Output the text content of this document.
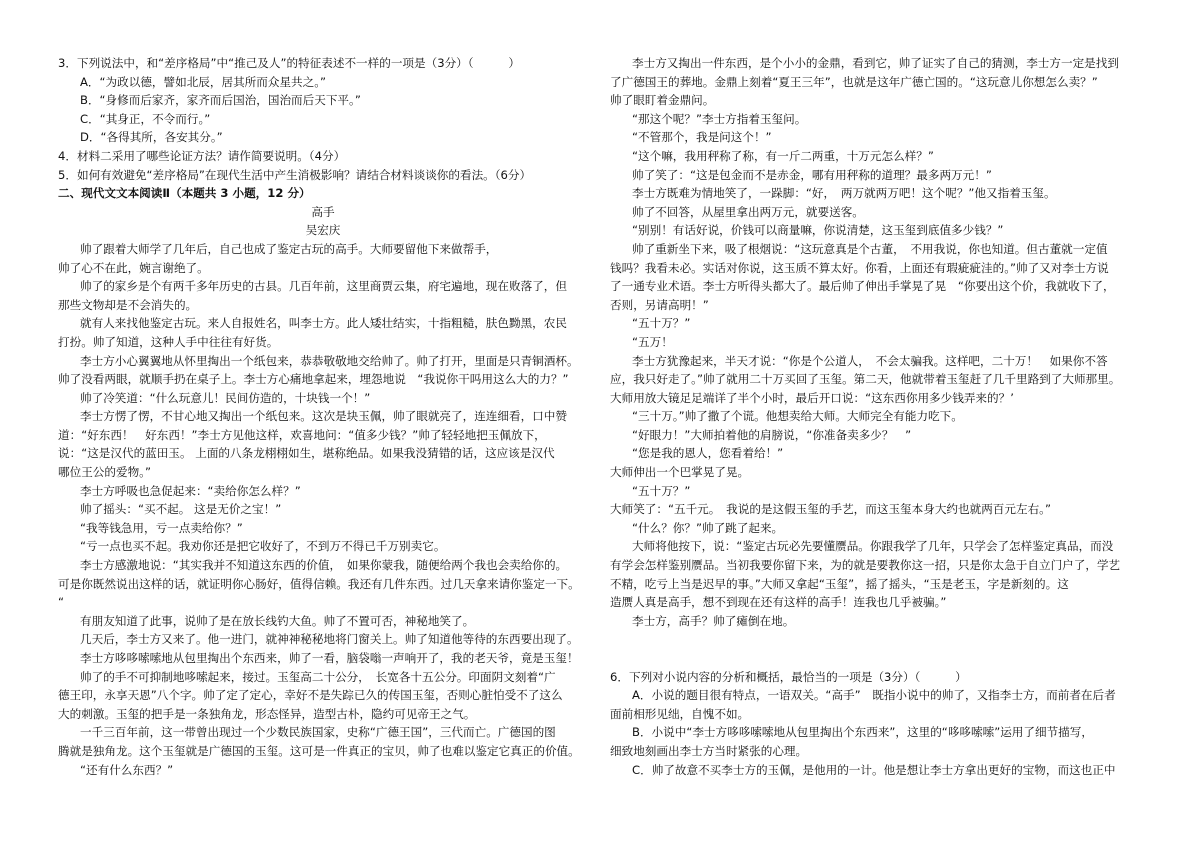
3．下列说法中，和“差序格局”中“推己及人”的特征表述不一样的一项是（3分）（　　　）

A．“为政以德，譬如北辰，居其所而众星共之。”

B．“身修而后家齐，家齐而后国治，国治而后天下平。”

C．“其身正，不令而行。”

D．“各得其所，各安其分。”

4．材料二采用了哪些论证方法？请作简要说明。（4分）

5．如何有效避免“差序格局”在现代生活中产生消极影响？请结合材料谈谈你的看法。（6分）

二、现代文文本阅读Ⅱ（本题共 3 小题，12 分）

高手

吴宏庆

帅了跟着大师学了几年后，自己也成了鉴定古玩的高手。大师要留他下来做帮手，

帅了心不在此，婉言谢绝了。

帅了的家乡是个有两千多年历史的古县。几百年前，这里商贾云集，府宅遍地，现在败落了，但

那些文物却是不会消失的。

就有人来找他鉴定古玩。来人自报姓名，叫李士方。此人矮壮结实，十指粗糙，肤色黝黑，农民

打扮。帅了知道，这种人手中往往有好货。

李士方小心翼翼地从怀里掏出一个纸包来，恭恭敬敬地交给帅了。帅了打开，里面是只青铜酒杯。

帅了没看两眼，就顺手扔在桌子上。李士方心痛地拿起来，埋怨地说　“我说你干吗用这么大的力？”

帅了冷笑道：“什么玩意儿！民间仿造的，十块钱一个！”

李士方愣了愣，不甘心地又掏出一个纸包来。这次是块玉佩，帅了眼就亮了，连连细看，口中赞

道：“好东西！　好东西！”李士方见他这样，欢喜地问：“值多少钱？”帅了轻轻地把玉佩放下，

说：“这是汉代的蓝田玉。 上面的八条龙栩栩如生，堪称绝品。如果我没猜错的话，这应该是汉代

哪位王公的爱物。”

李士方呼吸也急促起来：“卖给你怎么样？”

帅了摇头：“买不起。 这是无价之宝！”

“我等钱急用，亏一点卖给你？”

“亏一点也买不起。我劝你还是把它收好了，不到万不得已千万别卖它。

李士方感激地说：“其实我并不知道这东西的价值，　如果你蒙我，随便给两个我也会卖给你的。

可是你既然说出这样的话，就证明你心肠好，值得信赖。我还有几件东西。过几天拿来请你鉴定一下。

“

有朋友知道了此事，说帅了是在放长线钓大鱼。帅了不置可否，神秘地笑了。

几天后，李士方又来了。他一进门，就神神秘秘地将门窗关上。帅了知道他等待的东西要出现了。

李士方哆哆嗦嗦地从包里掏出个东西来，帅了一看，脑袋嗡一声响开了，我的老天爷，竟是玉玺！

帅了的手不可抑制地哆嗦起来，接过。玉玺高二十公分，　长宽各十五公分。印面阴文刻着“广

德王印，永享天恩”八个字。帅了定了定心，幸好不是失踪已久的传国玉玺，否则心脏怕受不了这么

大的刺激。玉玺的把手是一条独角龙，形态怪异，造型古朴，隐约可见帝王之气。

一千三百年前，这一带曾出现过一个少数民族国家，史称“广德王国”，三代而亡。广德国的图

腾就是独角龙。这个玉玺就是广德国的玉玺。这可是一件真正的宝贝，帅了也难以鉴定它真正的价值。

“还有什么东西？”

李士方又掏出一件东西，是个小小的金鼎，看到它，帅了证实了自己的猜测，李士方一定是找到

了广德国王的葬地。金鼎上刻着“夏王三年”，也就是这年广德亡国的。“这玩意儿你想怎么卖？”

帅了眼盯着金鼎问。

“那这个呢？”李士方指着玉玺问。

“不管那个，我是问这个！”

“这个嘛，我用秤称了称，有一斤二两重，十万元怎么样？”

帅了笑了：“这是包金而不是赤金，哪有用秤称的道理？最多两万元！”

李士方既难为情地笑了，一跺脚：“好，　两万就两万吧！这个呢？”他又指着玉玺。

帅了不回答，从屋里拿出两万元，就要送客。

“别别！有话好说，价钱可以商量嘛，你说清楚，这玉玺到底值多少钱？”

帅了重新坐下来，吸了根烟说：“这玩意真是个古董，　不用我说，你也知道。但古董就一定值

钱吗？我看未必。实话对你说，这玉质不算太好。你看，上面还有瑕疵疵洼的。”帅了又对李士方说

了一通专业术语。李士方听得头都大了。最后帅了伸出手掌晃了晃　“你要出这个价，我就收下了，

否则，另请高明！”

“五十万？”

“五万！

李士方犹豫起来，半天才说：“你是个公道人，　不会太骗我。这样吧，二十万！　如果你不答

应，我只好走了。”帅了就用二十万买回了玉玺。第二天，他就带着玉玺赶了几千里路到了大师那里。

大师用放大镜足足端详了半个小时，最后开口说：“这东西你用多少钱弄来的？’

“三十万。”帅了撒了个谎。他想卖给大师。大师完全有能力吃下。

“好眼力！”大师拍着他的肩膀说，“你准备卖多少？　”

“您是我的恩人，您看着给！”

大师伸出一个巴掌晃了晃。

“五十万？”

大师笑了：“五千元。　我说的是这假玉玺的手艺，而这玉玺本身大约也就两百元左右。”

“什么？你？”帅了跳了起来。

大师将他按下，说：“鉴定古玩必先要懂赝品。你跟我学了几年，只学会了怎样鉴定真品，而没

有学会怎样鉴别赝品。当初我要你留下来，为的就是要教你这一招，只是你太急于自立门户了，学艺

不精，吃亏上当是迟早的事。”大师又拿起“玉玺”，摇了摇头，“玉是老玉，字是新刻的。这

造赝人真是高手，想不到现在还有这样的高手！连我也几乎被骗。”

李士方，高手？帅了瘫倒在地。

6．下列对小说内容的分析和概括，最恰当的一项是（3分）（　　　）

A．小说的题目很有特点，一语双关。“高手”　既指小说中的帅了，又指李士方，而前者在后者

面前相形见绌，自愧不如。

B．小说中“李士方哆哆嗦嗦地从包里掏出个东西来”，这里的“哆哆嗦嗦”运用了细节描写，

细致地刻画出李士方当时紧张的心理。

C．帅了故意不买李士方的玉佩，是他用的一计。他是想让李士方拿出更好的宝物，而这也正中
